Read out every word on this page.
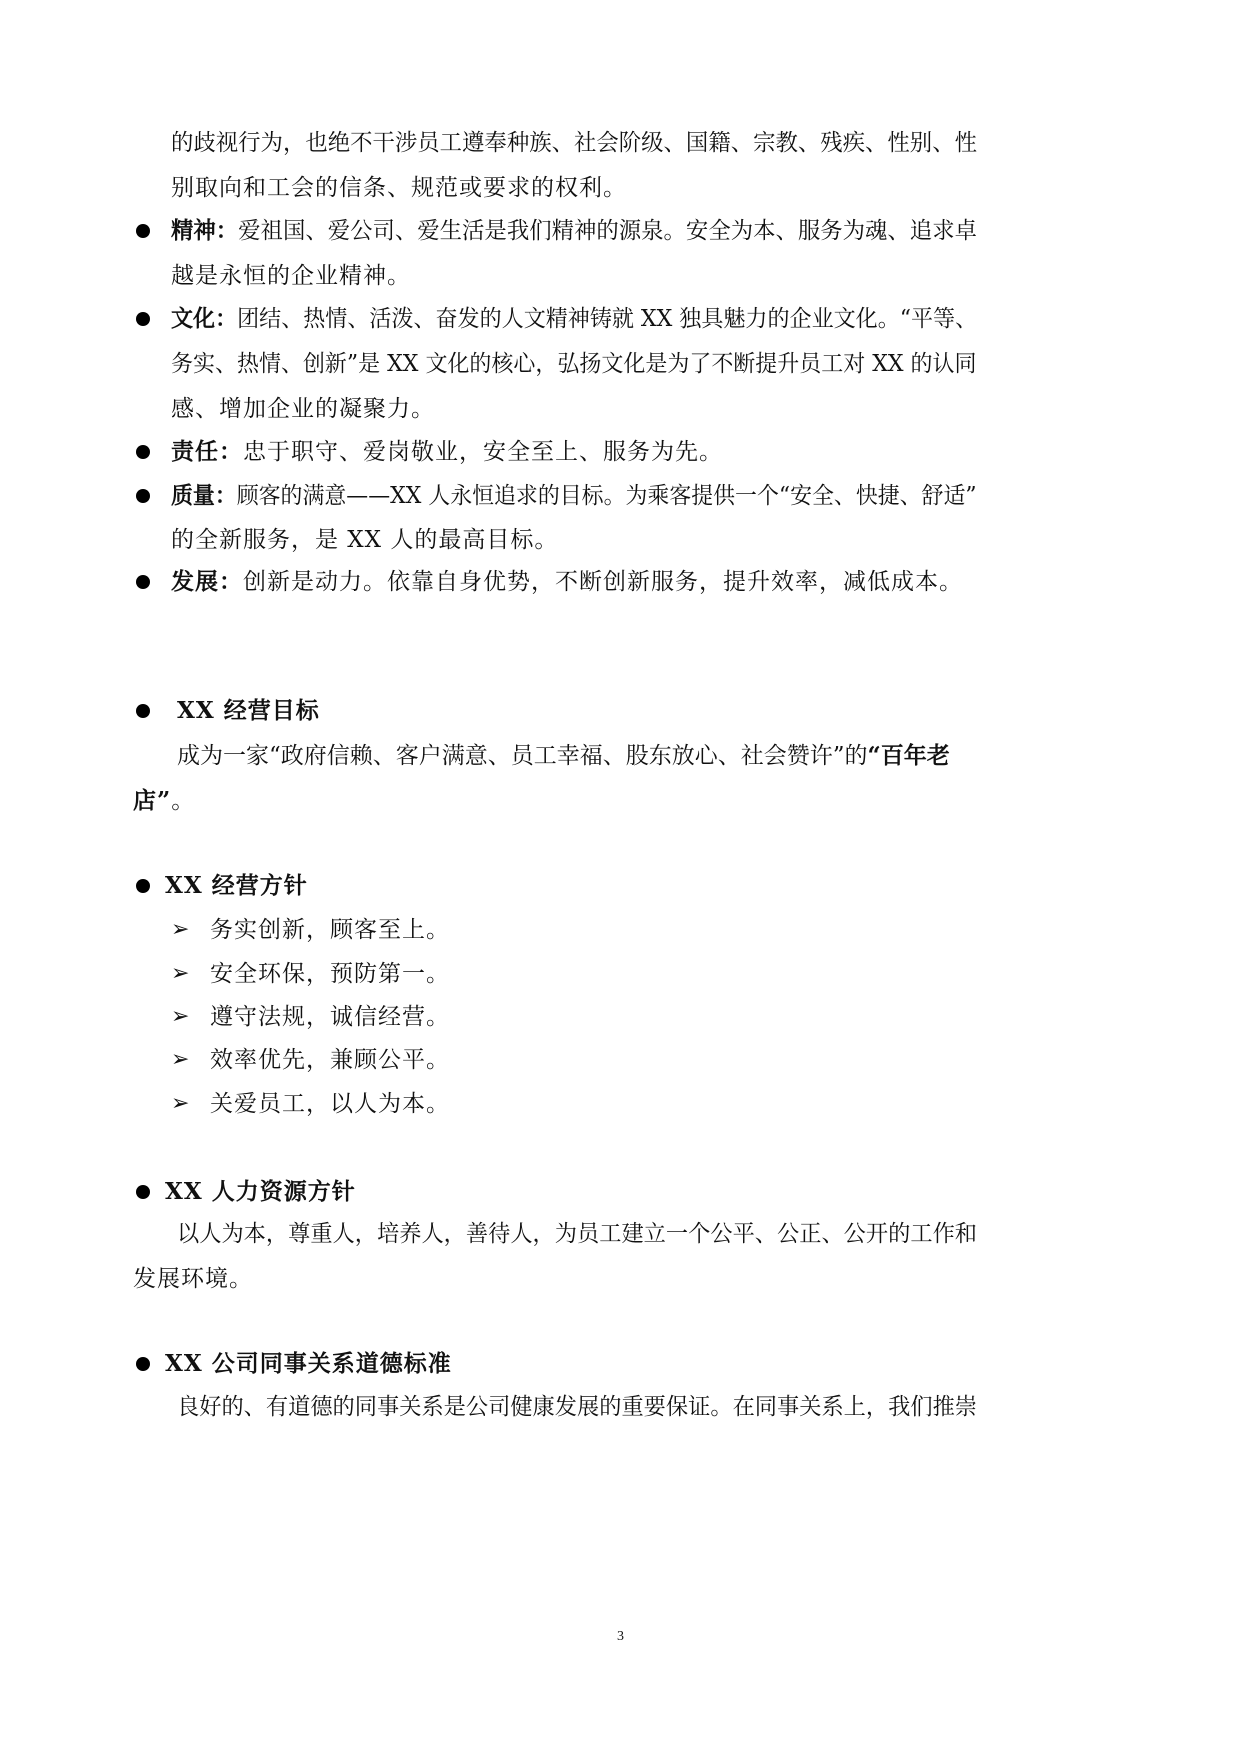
的歧视行为，也绝不干涉员工遵奉种族、社会阶级、国籍、宗教、残疾、性别、性
别取向和工会的信条、规范或要求的权利。
精神：爱祖国、爱公司、爱生活是我们精神的源泉。安全为本、服务为魂、追求卓
越是永恒的企业精神。
文化：团结、热情、活泼、奋发的人文精神铸就 XX 独具魅力的企业文化。“平等、
务实、热情、创新”是 XX 文化的核心，弘扬文化是为了不断提升员工对 XX 的认同
感、增加企业的凝聚力。
责任：忠于职守、爱岗敬业，安全至上、服务为先。
质量：顾客的满意——XX 人永恒追求的目标。为乘客提供一个“安全、快捷、舒适”
的全新服务，是 XX 人的最高目标。
发展：创新是动力。依靠自身优势，不断创新服务，提升效率，减低成本。
XX 经营目标
成为一家“政府信赖、客户满意、员工幸福、股东放心、社会赞许”的“百年老
店”。
XX 经营方针
➢ 务实创新，顾客至上。
➢ 安全环保，预防第一。
➢ 遵守法规，诚信经营。
➢ 效率优先，兼顾公平。
➢ 关爱员工，以人为本。
XX 人力资源方针
以人为本，尊重人，培养人，善待人，为员工建立一个公平、公正、公开的工作和
发展环境。
XX 公司同事关系道德标准
良好的、有道德的同事关系是公司健康发展的重要保证。在同事关系上，我们推崇
3
